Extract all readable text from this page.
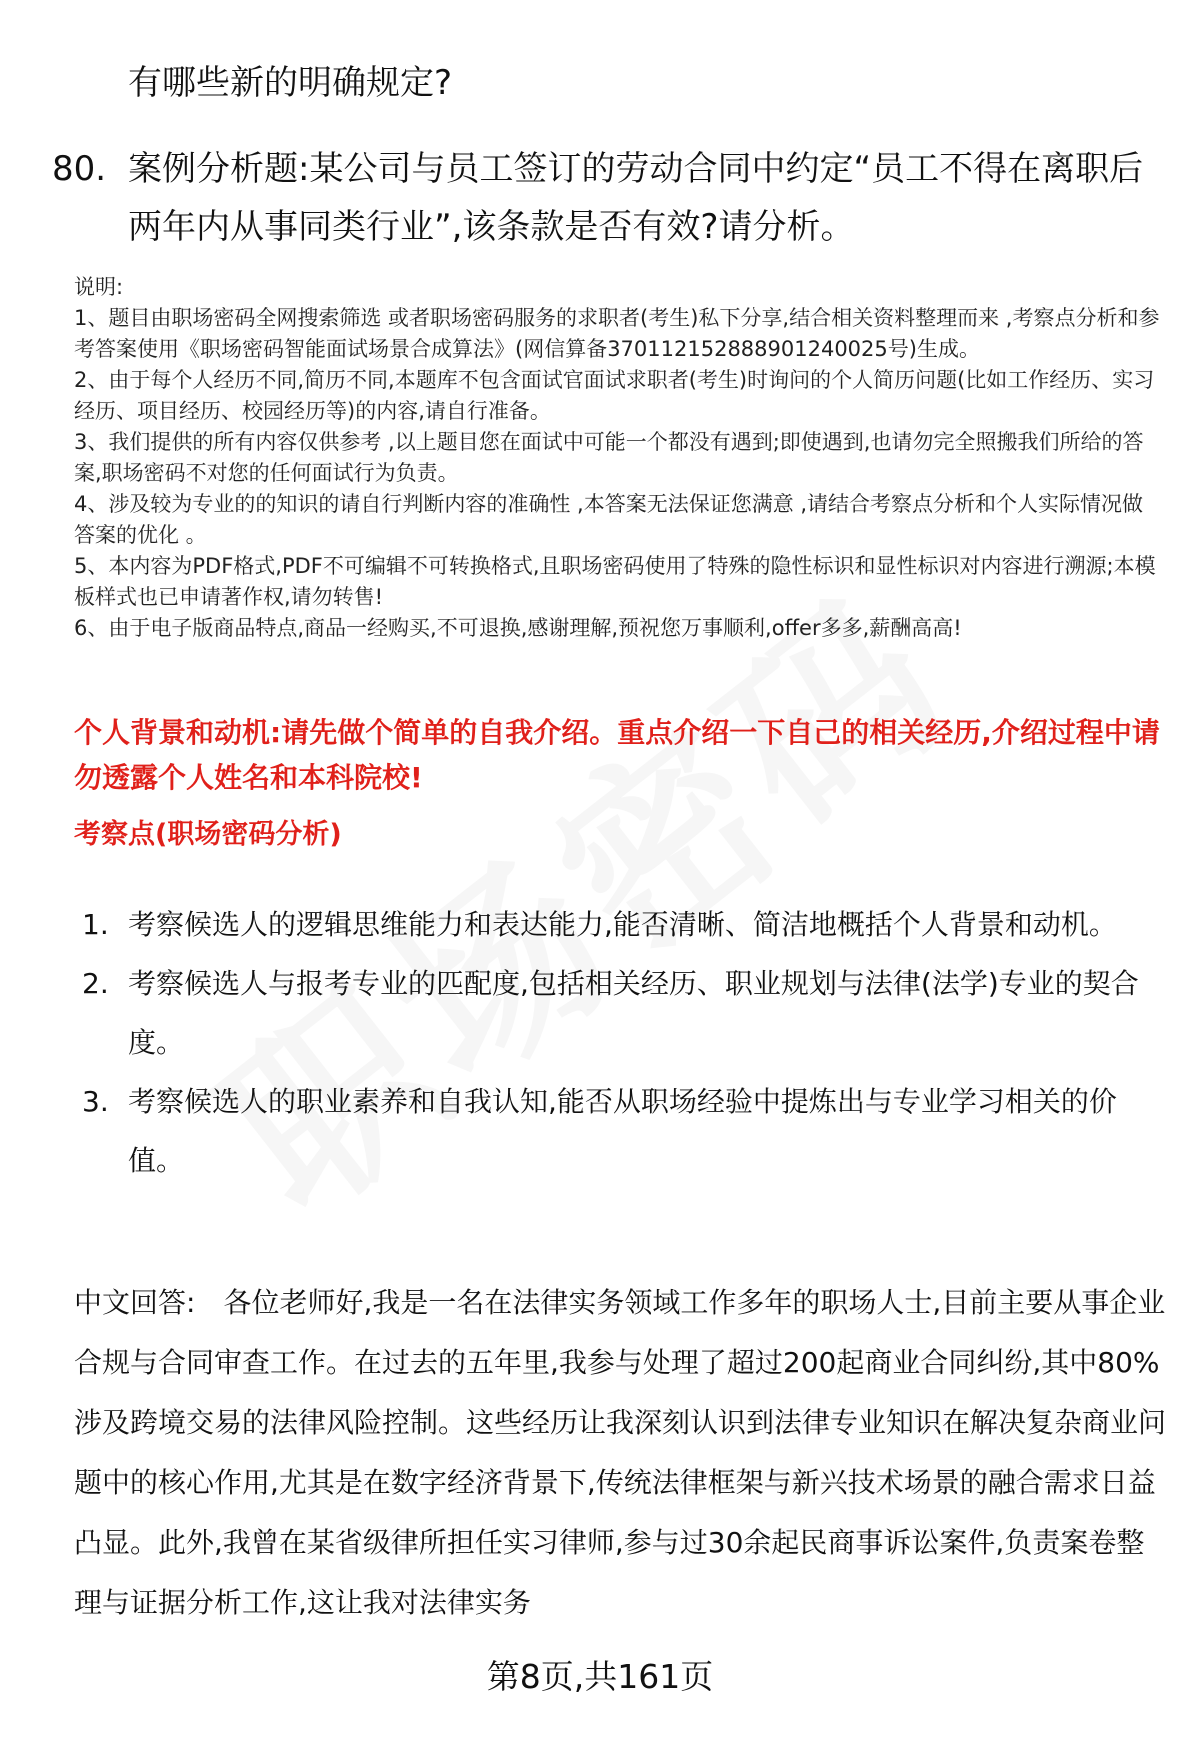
有哪些新的明确规定?
80. 案例分析题:某公司与员工签订的劳动合同中约定“员工不得在离职后两年内从事同类行业”,该条款是否有效?请分析。

说明:

1、题目由职场密码全网搜索筛选 或者职场密码服务的求职者(考生)私下分享,结合相关资料整理而来 ,考察点分析和参考答案使用《职场密码智能面试场景合成算法》(网信算备370112152888901240025号)生成。

2、由于每个人经历不同,简历不同,本题库不包含面试官面试求职者(考生)时询问的个人简历问题(比如工作经历、实习经历、项目经历、校园经历等)的内容,请自行准备。

3、我们提供的所有内容仅供参考 ,以上题目您在面试中可能一个都没有遇到;即使遇到,也请勿完全照搬我们所给的答案,职场密码不对您的任何面试行为负责。

4、涉及较为专业的的知识的请自行判断内容的准确性 ,本答案无法保证您满意 ,请结合考察点分析和个人实际情况做答案的优化 。

5、本内容为PDF格式,PDF不可编辑不可转换格式,且职场密码使用了特殊的隐性标识和显性标识对内容进行溯源;本模板样式也已申请著作权,请勿转售!

6、由于电子版商品特点,商品一经购买,不可退换,感谢理解,预祝您万事顺利,offer多多,薪酬高高!

个人背景和动机:请先做个简单的自我介绍。重点介绍一下自己的相关经历,介绍过程中请勿透露个人姓名和本科院校!
考察点(职场密码分析)
1. 考察候选人的逻辑思维能力和表达能力,能否清晰、简洁地概括个人背景和动机。
2. 考察候选人与报考专业的匹配度,包括相关经历、职业规划与法律(法学)专业的契合度。
3. 考察候选人的职业素养和自我认知,能否从职场经验中提炼出与专业学习相关的价值。
中文回答: 各位老师好,我是一名在法律实务领域工作多年的职场人士,目前主要从事企业合规与合同审查工作。在过去的五年里,我参与处理了超过200起商业合同纠纷,其中80%涉及跨境交易的法律风险控制。这些经历让我深刻认识到法律专业知识在解决复杂商业问题中的核心作用,尤其是在数字经济背景下,传统法律框架与新兴技术场景的融合需求日益凸显。此外,我曾在某省级律所担任实习律师,参与过30余起民商事诉讼案件,负责案卷整理与证据分析工作,这让我对法律实务
第8页,共161页
